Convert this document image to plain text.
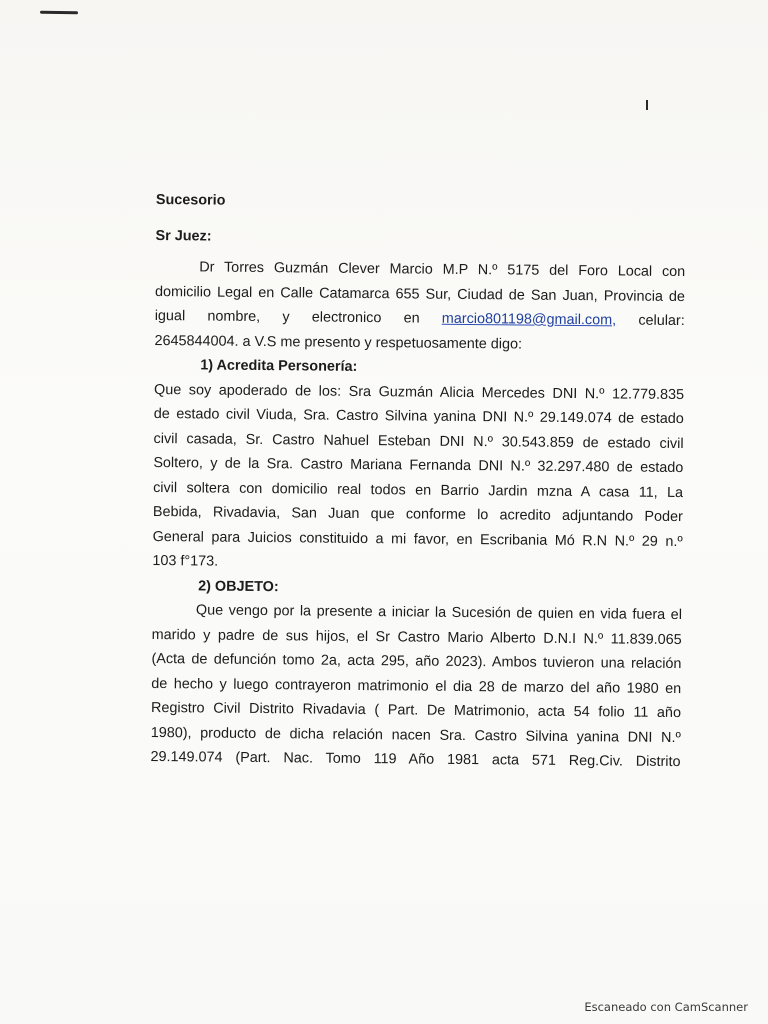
Sucesorio
Sr Juez:
Dr Torres Guzmán Clever Marcio M.P N.º 5175 del Foro Local con
domicilio Legal en Calle Catamarca 655 Sur, Ciudad de San Juan, Provincia de
igual nombre, y electronico en marcio801198@gmail.com, celular:
2645844004. a V.S me presento y respetuosamente digo:
1) Acredita Personería:
Que soy apoderado de los: Sra Guzmán Alicia Mercedes DNI N.º 12.779.835
de estado civil Viuda, Sra. Castro Silvina yanina DNI N.º 29.149.074 de estado
civil casada, Sr. Castro Nahuel Esteban DNI N.º 30.543.859 de estado civil
Soltero, y de la Sra. Castro Mariana Fernanda DNI N.º 32.297.480 de estado
civil soltera con domicilio real todos en Barrio Jardin mzna A casa 11, La
Bebida, Rivadavia, San Juan que conforme lo acredito adjuntando Poder
General para Juicios constituido a mi favor, en Escribania Mó R.N N.º 29 n.º
103 f°173.
2) OBJETO:
Que vengo por la presente a iniciar la Sucesión de quien en vida fuera el
marido y padre de sus hijos, el Sr Castro Mario Alberto D.N.I N.º 11.839.065
(Acta de defunción tomo 2a, acta 295, año 2023). Ambos tuvieron una relación
de hecho y luego contrayeron matrimonio el dia 28 de marzo del año 1980 en
Registro Civil Distrito Rivadavia ( Part. De Matrimonio, acta 54 folio 11 año
1980), producto de dicha relación nacen Sra. Castro Silvina yanina DNI N.º
29.149.074 (Part. Nac. Tomo 119 Año 1981 acta 571 Reg.Civ. Distrito
Escaneado con CamScanner
